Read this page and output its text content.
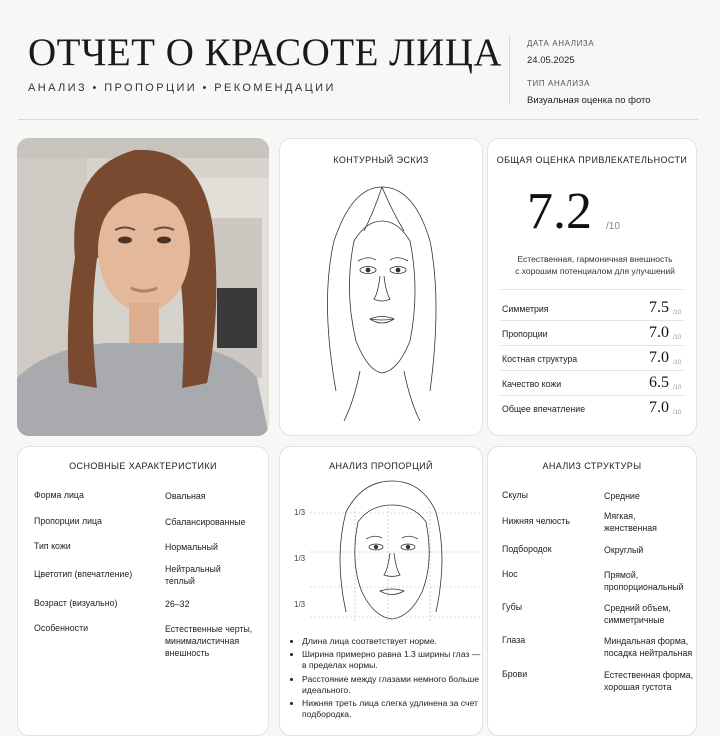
ОТЧЕТ О КРАСОТЕ ЛИЦА
АНАЛИЗ • ПРОПОРЦИИ • РЕКОМЕНДАЦИИ
ДАТА АНАЛИЗА
24.05.2025
ТИП АНАЛИЗА
Визуальная оценка по фото
КОНТУРНЫЙ ЭСКИЗ	ОБЩАЯ ОЦЕНКА ПРИВЛЕКАТЕЛЬНОСТИ
7.2 /10
Естественная, гармоничная внешность
с хорошим потенциалом для улучшений
Симметрия	7.5 /10
Пропорции	7.0 /10
Костная структура	7.0 /10
Качество кожи	6.5 /10
Общее впечатление	7.0 /10
ОСНОВНЫЕ ХАРАКТЕРИСТИКИ
Форма лица	Овальная
Пропорции лица	Сбалансированные
Тип кожи	Нормальный
Цветотип (впечатление)	Нейтральный
теплый
Возраст (визуально)	26–32
Особенности	Естественные черты,
минималистичная
внешность
АНАЛИЗ ПРОПОРЦИЙ
1/3
1/3
1/3
• Длина лица соответствует норме.
• Ширина примерно равна 1.3 ширины глаз — в пределах нормы.
• Расстояние между глазами немного больше идеального.
• Нижняя треть лица слегка удлинена за счет подбородка.
АНАЛИЗ СТРУКТУРЫ
Скулы	Средние
Нижняя челюсть	Мягкая,
женственная
Подбородок	Округлый
Нос	Прямой,
пропорциональный
Губы	Средний объем,
симметричные
Глаза	Миндальная форма,
посадка нейтральная
Брови	Естественная форма,
хорошая густота
